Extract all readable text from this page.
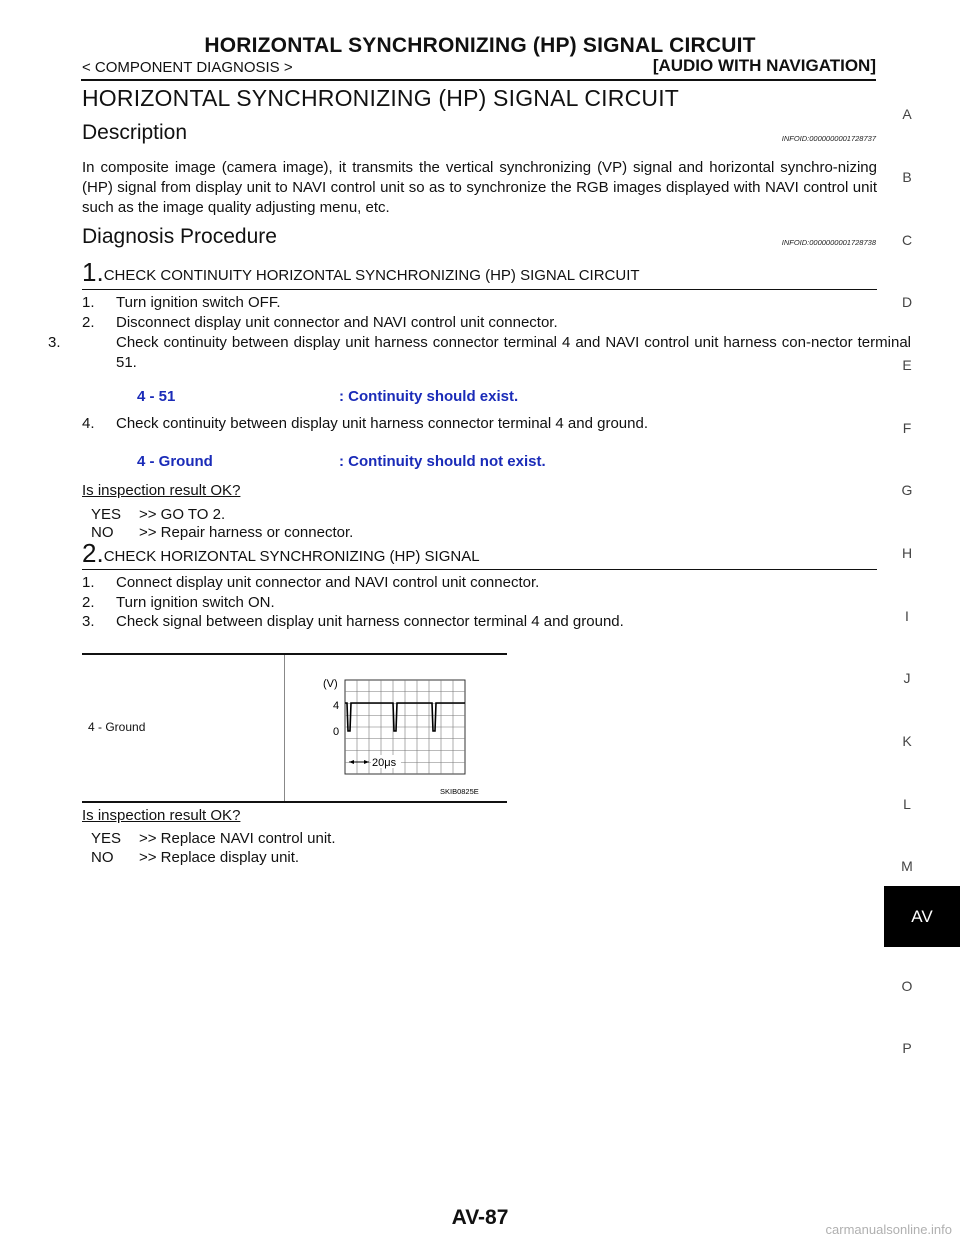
HORIZONTAL SYNCHRONIZING (HP) SIGNAL CIRCUIT
< COMPONENT DIAGNOSIS >	[AUDIO WITH NAVIGATION]
HORIZONTAL SYNCHRONIZING (HP) SIGNAL CIRCUIT
Description	INFOID:0000000001728737
In composite image (camera image), it transmits the vertical synchronizing (VP) signal and horizontal synchro-nizing (HP) signal from display unit to NAVI control unit so as to synchronize the RGB images displayed with NAVI control unit such as the image quality adjusting menu, etc.
Diagnosis Procedure	INFOID:0000000001728738
1.CHECK CONTINUITY HORIZONTAL SYNCHRONIZING (HP) SIGNAL CIRCUIT
1. Turn ignition switch OFF.
2. Disconnect display unit connector and NAVI control unit connector.
3.	Check continuity between display unit harness connector terminal 4 and NAVI control unit harness con-nector terminal 51.
4 - 51	: Continuity should exist.
4. Check continuity between display unit harness connector terminal 4 and ground.
4 - Ground	: Continuity should not exist.
Is inspection result OK?
YES >> GO TO 2.
NO >> Repair harness or connector.
2.CHECK HORIZONTAL SYNCHRONIZING (HP) SIGNAL
1. Connect display unit connector and NAVI control unit connector.
2. Turn ignition switch ON.
3. Check signal between display unit harness connector terminal 4 and ground.
4 - Ground
(V)
4
0
20μs
SKIB0825E
Is inspection result OK?
YES >> Replace NAVI control unit.
NO >> Replace display unit.
A
B
C
D
E
F
G
H
I
J
K
L
M
AV
O
P
AV-87
carmanualsonline.info
